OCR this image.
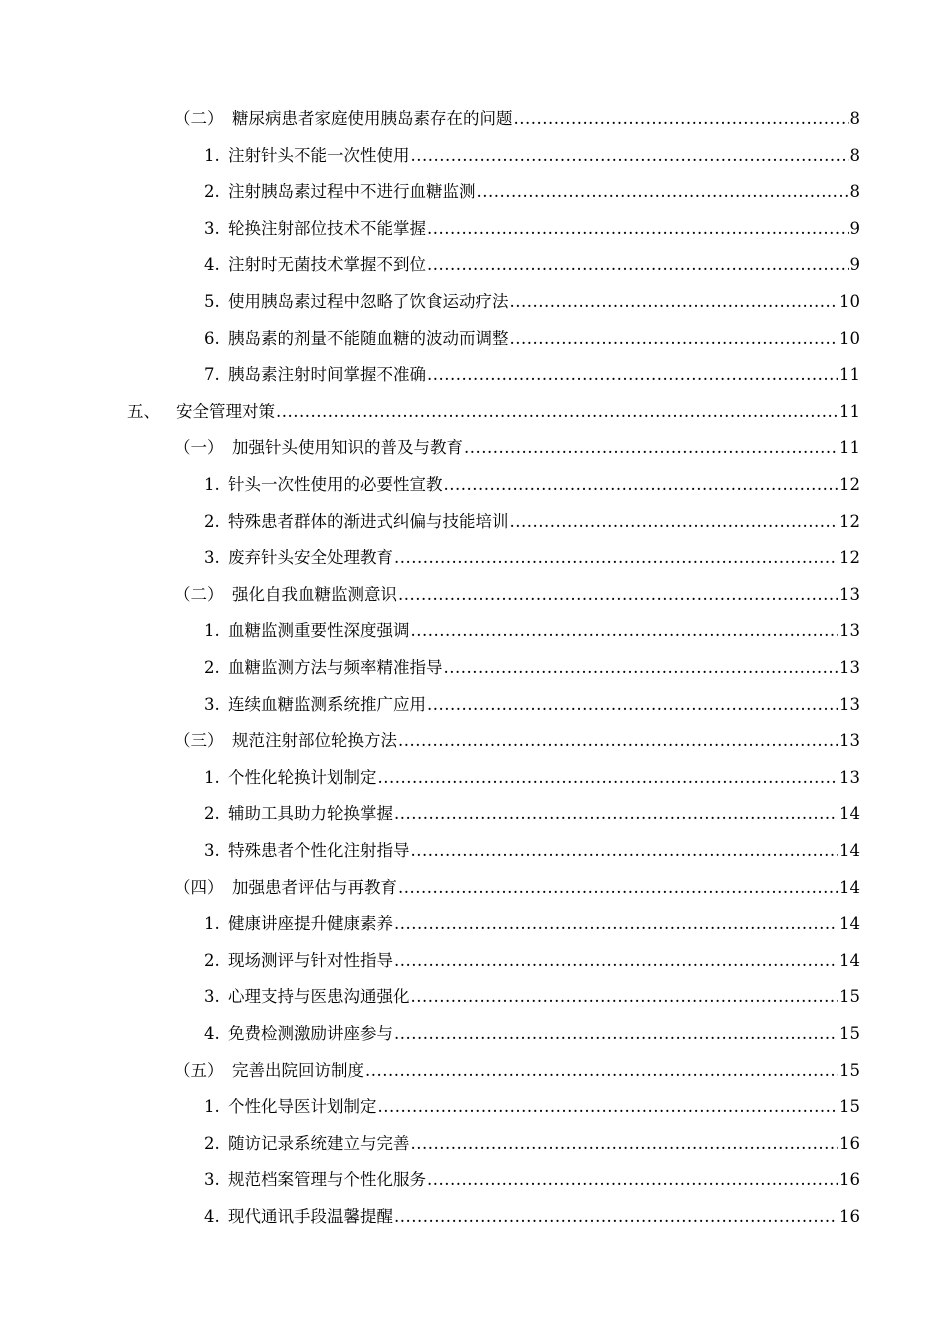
（二） 糖尿病患者家庭使用胰岛素存在的问题 .....	8
1. 注射针头不能一次性使用 .....	8
2. 注射胰岛素过程中不进行血糖监测 .....	8
3. 轮换注射部位技术不能掌握 .....	9
4. 注射时无菌技术掌握不到位 .....	9
5. 使用胰岛素过程中忽略了饮食运动疗法 .....	10
6. 胰岛素的剂量不能随血糖的波动而调整 .....	10
7. 胰岛素注射时间掌握不准确 .....	11
五、 安全管理对策 .....	11
（一） 加强针头使用知识的普及与教育 .....	11
1. 针头一次性使用的必要性宣教 .....	12
2. 特殊患者群体的渐进式纠偏与技能培训 .....	12
3. 废弃针头安全处理教育 .....	12
（二） 强化自我血糖监测意识 .....	13
1. 血糖监测重要性深度强调 .....	13
2. 血糖监测方法与频率精准指导 .....	13
3. 连续血糖监测系统推广应用 .....	13
（三） 规范注射部位轮换方法 .....	13
1. 个性化轮换计划制定 .....	13
2. 辅助工具助力轮换掌握 .....	14
3. 特殊患者个性化注射指导 .....	14
（四） 加强患者评估与再教育 .....	14
1. 健康讲座提升健康素养 .....	14
2. 现场测评与针对性指导 .....	14
3. 心理支持与医患沟通强化 .....	15
4. 免费检测激励讲座参与 .....	15
（五） 完善出院回访制度 .....	15
1. 个性化导医计划制定 .....	15
2. 随访记录系统建立与完善 .....	16
3. 规范档案管理与个性化服务 .....	16
4. 现代通讯手段温馨提醒 .....	16
